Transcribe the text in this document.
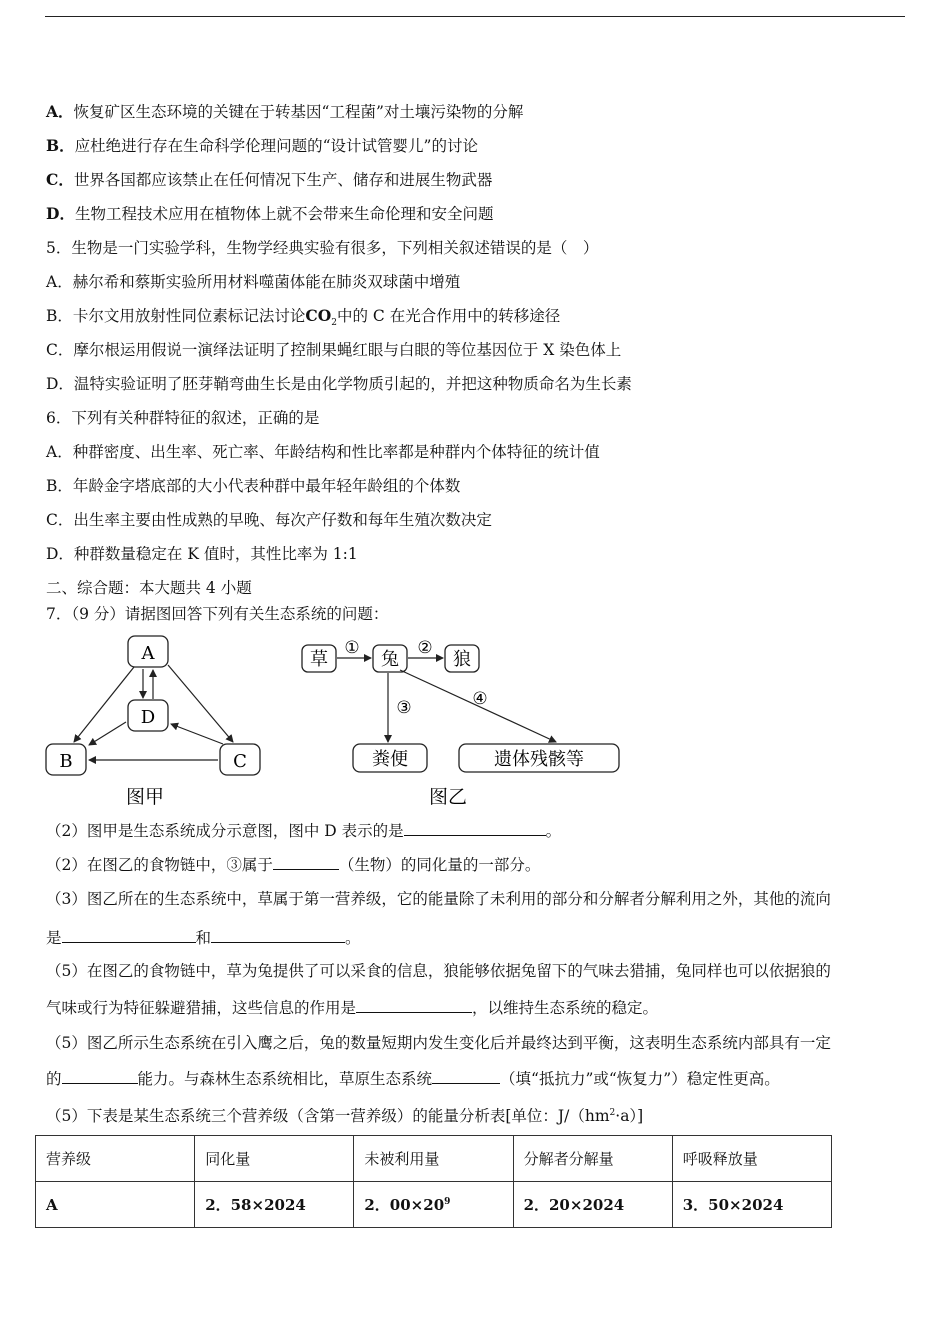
A．恢复矿区生态环境的关键在于转基因“工程菌”对土壤污染物的分解
B．应杜绝进行存在生命科学伦理问题的“设计试管婴儿”的讨论
C．世界各国都应该禁止在任何情况下生产、储存和进展生物武器
D．生物工程技术应用在植物体上就不会带来生命伦理和安全问题
5．生物是一门实验学科，生物学经典实验有很多，下列相关叙述错误的是（　）
A．赫尔希和蔡斯实验所用材料噬菌体能在肺炎双球菌中增殖
B．卡尔文用放射性同位素标记法讨论$CO_2$中的 C 在光合作用中的转移途径
C．摩尔根运用假说一演绎法证明了控制果蝇红眼与白眼的等位基因位于 X 染色体上
D．温特实验证明了胚芽鞘弯曲生长是由化学物质引起的，并把这种物质命名为生长素
6．下列有关种群特征的叙述，正确的是
A．种群密度、出生率、死亡率、年龄结构和性比率都是种群内个体特征的统计值
B．年龄金字塔底部的大小代表种群中最年轻年龄组的个体数
C．出生率主要由性成熟的早晚、每次产仔数和每年生殖次数决定
D．种群数量稳定在 K 值时，其性比率为 1:1
二、综合题：本大题共 4 小题
7．（9 分）请据图回答下列有关生态系统的问题：
A
D
B	C
图甲
草	兔	狼
粪便	遗体残骸等
①	②
③	④
图乙
（2）图甲是生态系统成分示意图，图中 D 表示的是	。
（2）在图乙的食物链中，③属于	（生物）的同化量的一部分。
（3）图乙所在的生态系统中，草属于第一营养级，它的能量除了未利用的部分和分解者分解利用之外，其他的流向
是	和	。
（5）在图乙的食物链中，草为兔提供了可以采食的信息，狼能够依据兔留下的气味去猎捕，兔同样也可以依据狼的
气味或行为特征躲避猎捕，这些信息的作用是	，以维持生态系统的稳定。
（5）图乙所示生态系统在引入鹰之后，兔的数量短期内发生变化后并最终达到平衡，这表明生态系统内部具有一定
的	能力。与森林生态系统相比，草原生态系统	（填“抵抗力”或“恢复力”）稳定性更高。
（5）下表是某生态系统三个营养级（含第一营养级）的能量分析表[单位：$J/(hm^2\cdot a)$]
营养级	同化量	未被利用量	分解者分解量	呼吸释放量
A	2．58×2024	2．$00\times 20^9$	2．20×2024	3．50×2024
